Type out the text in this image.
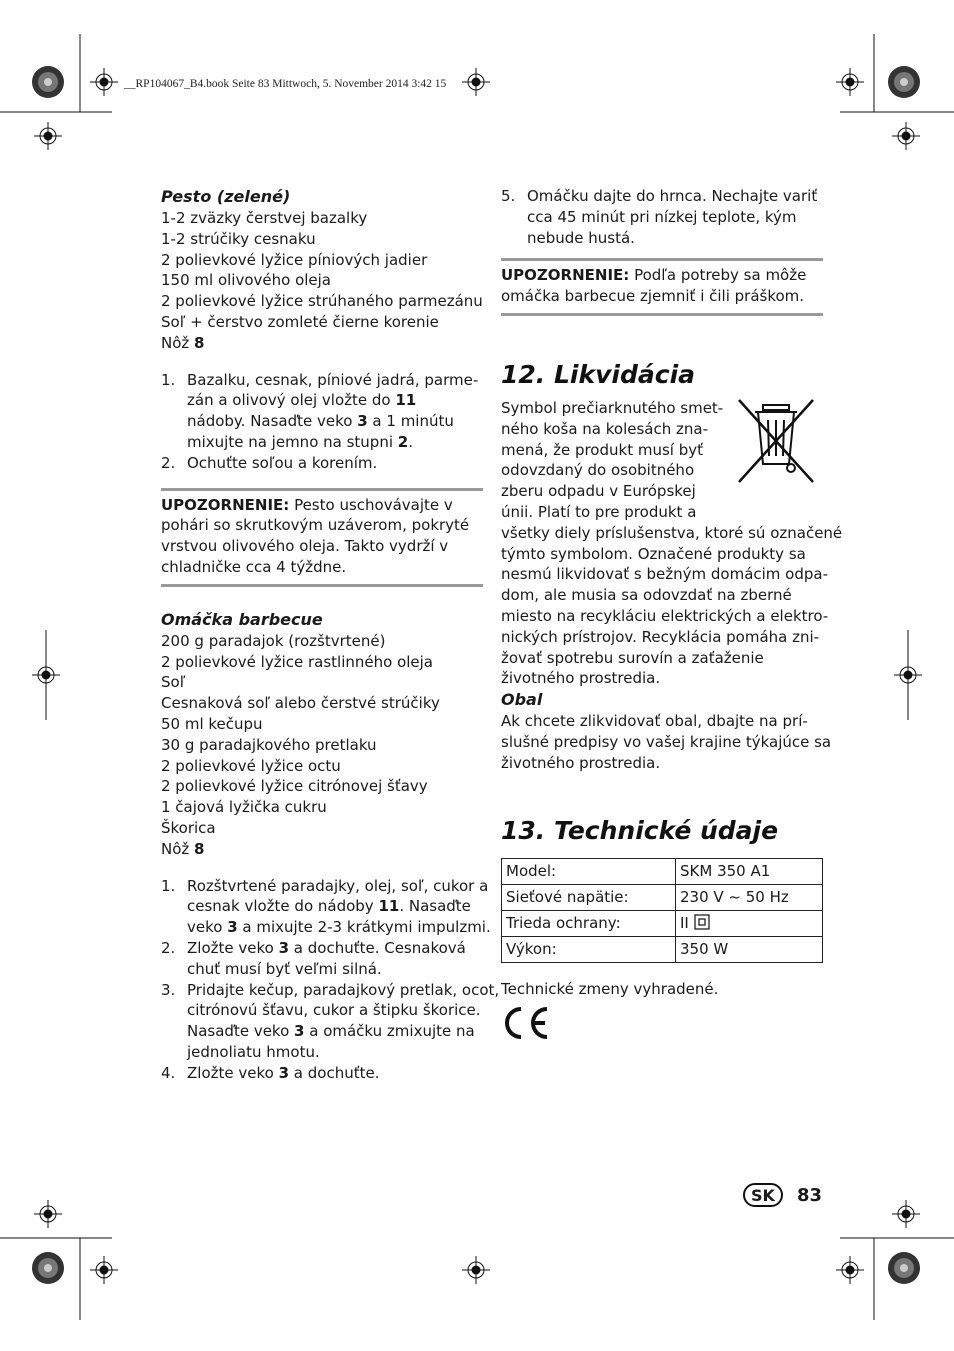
__RP104067_B4.book Seite 83 Mittwoch, 5. November 2014 3:42 15
Pesto (zelené)
1-2 zväzky čerstvej bazalky
1-2 strúčiky cesnaku
2 polievkové lyžice píniových jadier
150 ml olivového oleja
2 polievkové lyžice strúhaného parmezánu
Soľ + čerstvo zomleté čierne korenie
Nôž 8
1. Bazalku, cesnak, píniové jadrá, parme-
zán a olivový olej vložte do 11
nádoby. Nasaďte veko 3 a 1 minútu
mixujte na jemno na stupni 2.
2. Ochuťte soľou a korením.
UPOZORNENIE: Pesto uschovávajte v
pohári so skrutkovým uzáverom, pokryté
vrstvou olivového oleja. Takto vydrží v
chladničke cca 4 týždne.
Omáčka barbecue
200 g paradajok (rozštvrtené)
2 polievkové lyžice rastlinného oleja
Soľ
Cesnaková soľ alebo čerstvé strúčiky
50 ml kečupu
30 g paradajkového pretlaku
2 polievkové lyžice octu
2 polievkové lyžice citrónovej šťavy
1 čajová lyžička cukru
Škorica
Nôž 8
1. Rozštvrtené paradajky, olej, soľ, cukor a
cesnak vložte do nádoby 11. Nasaďte
veko 3 a mixujte 2-3 krátkymi impulzmi.
2. Zložte veko 3 a dochuťte. Cesnaková
chuť musí byť veľmi silná.
3. Pridajte kečup, paradajkový pretlak, ocot,
citrónovú šťavu, cukor a štipku škorice.
Nasaďte veko 3 a omáčku zmixujte na
jednoliatu hmotu.
4. Zložte veko 3 a dochuťte.
5. Omáčku dajte do hrnca. Nechajte variť
cca 45 minút pri nízkej teplote, kým
nebude hustá.
UPOZORNENIE: Podľa potreby sa môže
omáčka barbecue zjemniť i čili práškom.
12. Likvidácia
Symbol prečiarknutého smet-
ného koša na kolesách zna-
mená, že produkt musí byť
odovzdaný do osobitného
zberu odpadu v Európskej
únii. Platí to pre produkt a
všetky diely príslušenstva, ktoré sú označené
týmto symbolom. Označené produkty sa
nesmú likvidovať s bežným domácim odpa-
dom, ale musia sa odovzdať na zberné
miesto na recykláciu elektrických a elektro-
nických prístrojov. Recyklácia pomáha zni-
žovať spotrebu surovín a zaťaženie
životného prostredia.
Obal
Ak chcete zlikvidovať obal, dbajte na prí-
slušné predpisy vo vašej krajine týkajúce sa
životného prostredia.
13. Technické údaje
Model:	SKM 350 A1
Sieťové napätie:	230 V ~ 50 Hz
Trieda ochrany:	II
Výkon:	350 W
Technické zmeny vyhradené.
SK	83
